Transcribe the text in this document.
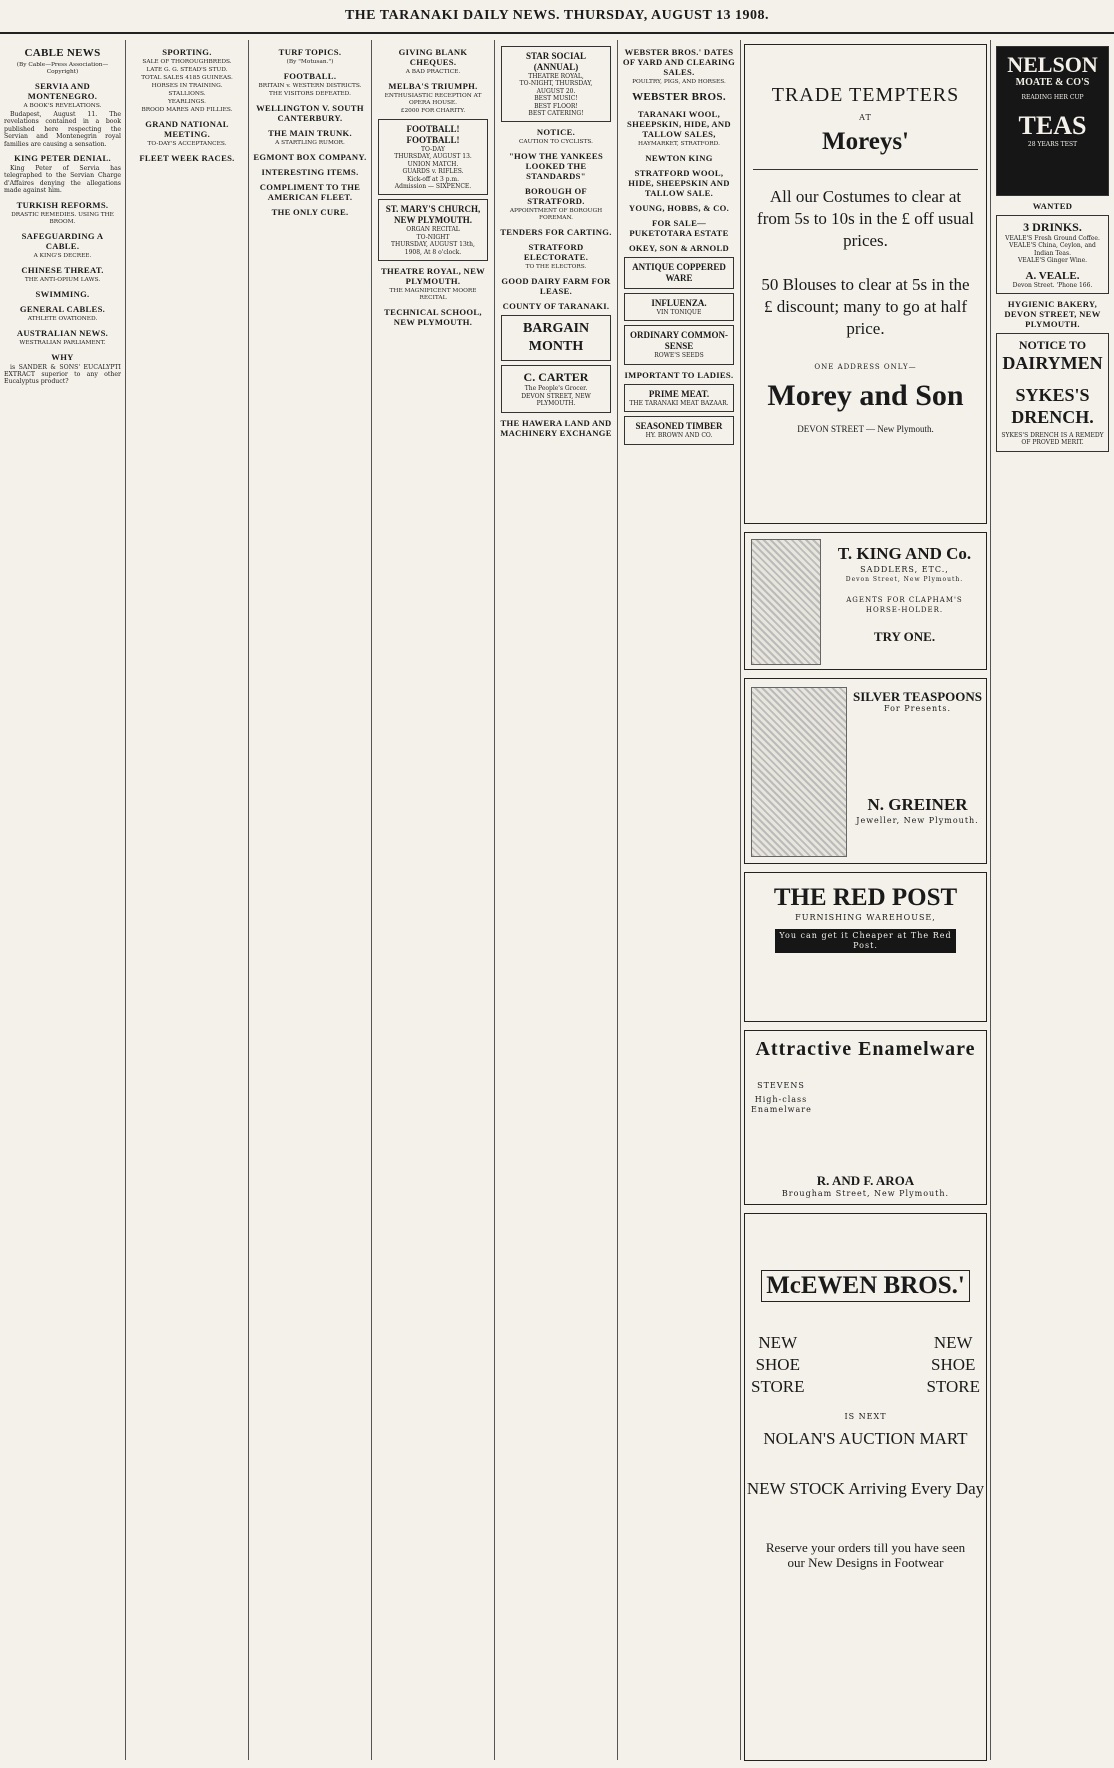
THE TARANAKI DAILY NEWS. THURSDAY, AUGUST 13 1908.
CABLE NEWS
(By Cable—Press Association—Copyright)
SERVIA AND MONTENEGRO.
A BOOK'S REVELATIONS.

Budapest, August 11. The revelations contained in a book published here respecting the Servian and Montenegrin royal families are causing a sensation.

KING PETER DENIAL.

King Peter of Servia has telegraphed to the Servian Charge d'Affaires denying the allegations made against him.

TURKISH REFORMS.
DRASTIC REMEDIES. USING THE BROOM.
SAFEGUARDING A CABLE.
A KING'S DECREE.
CHINESE THREAT.
THE ANTI-OPIUM LAWS.
SWIMMING.
GENERAL CABLES.
ATHLETE OVATIONED.
AUSTRALIAN NEWS.
WESTRALIAN PARLIAMENT.
WHY

is SANDER & SONS' EUCALYPTI EXTRACT superior to any other Eucalyptus product?

SPORTING.
SALE OF THOROUGHBREDS.
LATE G. G. STEAD'S STUD.
TOTAL SALES 4185 GUINEAS.
HORSES IN TRAINING.
STALLIONS.
YEARLINGS.
BROOD MARES AND FILLIES.
GRAND NATIONAL MEETING.
TO-DAY'S ACCEPTANCES.
FLEET WEEK RACES.
TURF TOPICS.
(By "Motusan.")
FOOTBALL.
BRITAIN v. WESTERN DISTRICTS.
THE VISITORS DEFEATED.
WELLINGTON V. SOUTH CANTERBURY.
THE MAIN TRUNK.
A STARTLING RUMOR.
EGMONT BOX COMPANY.
INTERESTING ITEMS.
COMPLIMENT TO THE AMERICAN FLEET.
THE ONLY CURE.
GIVING BLANK CHEQUES.
A BAD PRACTICE.
MELBA'S TRIUMPH.
ENTHUSIASTIC RECEPTION AT OPERA HOUSE.
£2000 FOR CHARITY.
FOOTBALL! FOOTBALL!
TO-DAY
THURSDAY, AUGUST 13.
UNION MATCH.
GUARDS v. RIFLES.
Kick-off at 3 p.m.
Admission — SIXPENCE.
ST. MARY'S CHURCH, NEW PLYMOUTH.
ORGAN RECITAL
TO-NIGHT
THURSDAY, AUGUST 13th, 1908, At 8 o'clock.
THEATRE ROYAL, NEW PLYMOUTH.
THE MAGNIFICENT MOORE RECITAL
TECHNICAL SCHOOL, NEW PLYMOUTH.
STAR SOCIAL (ANNUAL)
THEATRE ROYAL,
TO-NIGHT, THURSDAY, AUGUST 20.
BEST MUSIC!
BEST FLOOR!
BEST CATERING!
NOTICE.
CAUTION TO CYCLISTS.
"HOW THE YANKEES LOOKED THE STANDARDS"
BOROUGH OF STRATFORD.
APPOINTMENT OF BOROUGH FOREMAN.
TENDERS FOR CARTING.
STRATFORD ELECTORATE.
TO THE ELECTORS.
GOOD DAIRY FARM FOR LEASE.
COUNTY OF TARANAKI.
BARGAIN MONTH
C. CARTER
The People's Grocer.
DEVON STREET, NEW PLYMOUTH.
THE HAWERA LAND AND MACHINERY EXCHANGE
WEBSTER BROS.' DATES OF YARD AND CLEARING SALES.
POULTRY, PIGS, AND HORSES.
WEBSTER BROS.
TARANAKI WOOL, SHEEPSKIN, HIDE, AND TALLOW SALES,
HAYMARKET, STRATFORD.
NEWTON KING
STRATFORD WOOL, HIDE, SHEEPSKIN AND TALLOW SALE.
YOUNG, HOBBS, & CO.
FOR SALE— PUKETOTARA ESTATE
OKEY, SON & ARNOLD
ANTIQUE COPPERED WARE
INFLUENZA.
VIN TONIQUE
ORDINARY COMMON-SENSE
ROWE'S SEEDS
IMPORTANT TO LADIES.
PRIME MEAT.
THE TARANAKI MEAT BAZAAR.
SEASONED TIMBER
HY. BROWN AND CO.
TRADE TEMPTERS
AT
Moreys'
All our Costumes to clear at from 5s to 10s in the £ off usual prices.
50 Blouses to clear at 5s in the £ discount; many to go at half price.
ONE ADDRESS ONLY—
Morey and Son
DEVON STREET — New Plymouth.
T. KING AND Co.
SADDLERS, ETC.,
Devon Street, New Plymouth.
AGENTS FOR CLAPHAM'S HORSE-HOLDER.
TRY ONE.
SILVER TEASPOONS
For Presents.
N. GREINER
Jeweller, New Plymouth.
THE RED POST
FURNISHING WAREHOUSE,
You can get it Cheaper at The Red Post.
Attractive Enamelware
STEVENS
High-class Enamelware
R. AND F. AROA
Brougham Street, New Plymouth.
McEWEN BROS.'
NEW
SHOE
STORE
NEW
SHOE
STORE
IS NEXT
NOLAN'S AUCTION MART
NEW STOCK Arriving Every Day
Reserve your orders till you have seen our New Designs in Footwear
NELSON
MOATE & CO'S
READING HER CUP
TEAS
28 YEARS TEST
WANTED
3 DRINKS.
VEALE'S Fresh Ground Coffee.
VEALE'S China, Ceylon, and Indian Teas.
VEALE'S Ginger Wine.
A. VEALE.
Devon Street. 'Phone 166.
HYGIENIC BAKERY, DEVON STREET, NEW PLYMOUTH.
NOTICE TO
DAIRYMEN
SYKES'S
DRENCH.
SYKES'S DRENCH IS A REMEDY OF PROVED MERIT.
